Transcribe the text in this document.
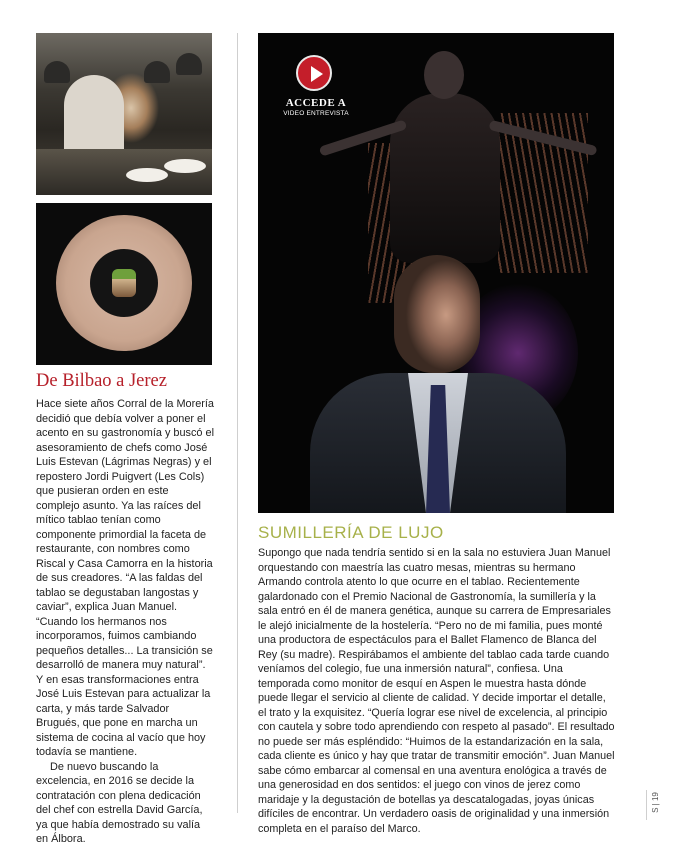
ACCEDE A
VIDEO ENTREVISTA
De Bilbao a Jerez

Hace siete años Corral de la Morería decidió que debía volver a poner el acento en su gastronomía y buscó el asesoramiento de chefs como José Luis Estevan (Lágrimas Negras) y el repostero Jordi Puigvert (Les Cols) que pusieran orden en este complejo asunto. Ya las raíces del mítico tablao tenían como componente primordial la faceta de restaurante, con nombres como Riscal y Casa Camorra en la historia de sus creadores. “A las faldas del tablao se degustaban langostas y caviar”, explica Juan Manuel. “Cuando los hermanos nos incorporamos, fuimos cambiando pequeños detalles... La transición se desarrolló de manera muy natural”. Y en esas transformaciones entra José Luis Estevan para actualizar la carta, y más tarde Salvador Brugués, que pone en marcha un sistema de cocina al vacío que hoy todavía se mantiene.

De nuevo buscando la excelencia, en 2016 se decide la contratación con plena dedicación del chef con estrella David García, ya que había demostrado su valía en Álbora.

SUMILLERÍA DE LUJO

Supongo que nada tendría sentido si en la sala no estuviera Juan Manuel orquestando con maestría las cuatro mesas, mientras su hermano Armando controla atento lo que ocurre en el tablao. Recientemente galardonado con el Premio Nacional de Gastronomía, la sumillería y la sala entró en él de manera genética, aunque su carrera de Empresariales le alejó inicialmente de la hostelería. “Pero no de mi familia, pues monté una productora de espectáculos para el Ballet Flamenco de Blanca del Rey (su madre). Respirábamos el ambiente del tablao cada tarde cuando veníamos del colegio, fue una inmersión natural”, confiesa. Una temporada como monitor de esquí en Aspen le muestra hasta dónde puede llegar el servicio al cliente de calidad. Y decide importar el detalle, el trato y la exquisitez. “Quería lograr ese nivel de excelencia, al principio con cautela y sobre todo aprendiendo con respeto al pasado”. El resultado no puede ser más espléndido: “Huimos de la estandarización en la sala, cada cliente es único y hay que tratar de transmitir emoción”. Juan Manuel sabe cómo embarcar al comensal en una aventura enológica a través de una generosidad en dos sentidos: el juego con vinos de jerez como maridaje y la degustación de botellas ya descatalogadas, joyas únicas difíciles de encontrar. Un verdadero oasis de originalidad y una inmersión completa en el paraíso del Marco.

S | 19
